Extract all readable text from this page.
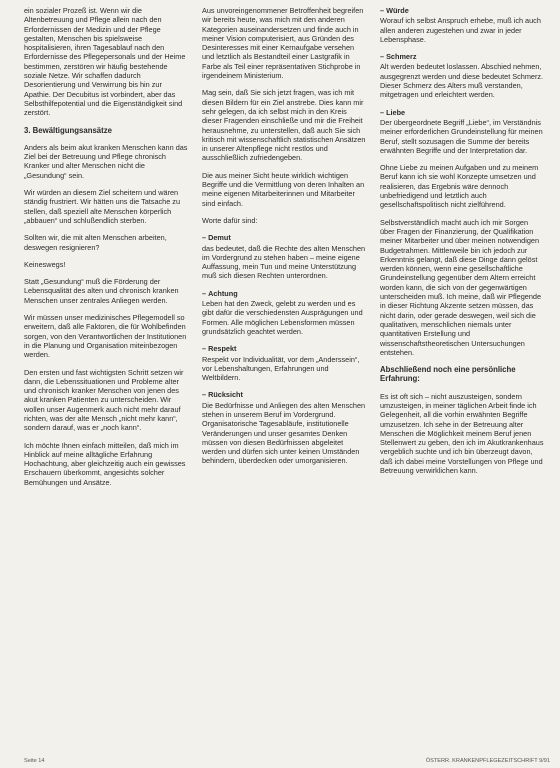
ein sozialer Prozeß ist. Wenn wir die Altenbetreuung und Pflege allein nach den Erfordernissen der Medizin und der Pflege gestalten, Menschen bis spielsweise hospitalisieren, ihren Tagesablauf nach den Erfordernisse des Pflegepersonals und der Heime bestimmen, zerstören wir häufig bestehende soziale Netze. Wir schaffen dadurch Desorientierung und Verwirrung bis hin zur Apathie. Der Decubitus ist vorbindert, aber das Selbsthilfepotential und die Eigenständigkeit sind zerstört.

3. Bewältigungsansätze

Anders als beim akut kranken Menschen kann das Ziel bei der Betreuung und Pflege chronisch Kranker und alter Menschen nicht die „Gesundung“ sein.

Wir würden an diesem Ziel scheitern und wären ständig frustriert. Wir hätten uns die Tatsache zu stellen, daß speziell alte Menschen körperlich „abbauen“ und schlußendlich sterben.

Sollten wir, die mit alten Menschen arbeiten, deswegen resignieren?

Keineswegs!

Statt „Gesundung“ muß die Förderung der Lebensqualität des alten und chronisch kranken Menschen unser zentrales Anliegen werden.

Wir müssen unser medizinisches Pflegemodell so erweitern, daß alle Faktoren, die für Wohlbefinden sorgen, von den Verantwortlichen der Institutionen in die Planung und Organisation miteinbezogen werden.

Den ersten und fast wichtigsten Schritt setzen wir dann, die Lebenssituationen und Probleme alter und chronisch kranker Menschen von jenen des akut kranken Patienten zu unterscheiden. Wir wollen unser Augenmerk auch nicht mehr darauf richten, was der alte Mensch „nicht mehr kann“, sondern darauf, was er „noch kann“.

Ich möchte Ihnen einfach mitteilen, daß mich im Hinblick auf meine alltägliche Erfahrung Hochachtung, aber gleichzeitig auch ein gewisses Erschauern überkommt, angesichts solcher Bemühungen und Ansätze.

Aus unvoreingenommener Betroffenheit begreifen wir bereits heute, was mich mit den anderen Kategorien auseinandersetzen und finde auch in meiner Vision computerisiert, aus Gründen des Desinteresses mit einer Kernaufgabe versehen und letztlich als Bestandteil einer Lastgrafik in Farbe als Teil einer repräsentativen Stichprobe in irgendeinem Ministerium.

Mag sein, daß Sie sich jetzt fragen, was ich mit diesen Bildern für ein Ziel anstrebe. Dies kann mir sehr gelegen, da ich selbst mich in den Kreis dieser Fragenden einschließe und mir die Freiheit herausnehme, zu unterstellen, daß auch Sie sich kritisch mit wissenschaftlich statistischen Ansätzen in unserer Altenpflege nicht restlos und ausschließlich zufriedengeben.

Die aus meiner Sicht heute wirklich wichtigen Begriffe und die Vermittlung von deren Inhalten an meine eigenen Mitarbeiterinnen und Mitarbeiter sind einfach.

Worte dafür sind:

– Demut

das bedeutet, daß die Rechte des alten Menschen im Vordergrund zu stehen haben – meine eigene Auffassung, mein Tun und meine Unterstützung muß sich diesen Rechten unterordnen.

– Achtung

Leben hat den Zweck, gelebt zu werden und es gibt dafür die verschiedensten Ausprägungen und Formen. Alle möglichen Lebensformen müssen grundsätzlich geachtet werden.

– Respekt

Respekt vor Individualität, vor dem „Anderssein“, vor Lebenshaltungen, Erfahrungen und Weltbildern.

– Rücksicht

Die Bedürfnisse und Anliegen des alten Menschen stehen in unserem Beruf im Vordergrund. Organisatorische Tagesabläufe, institutionelle Veränderungen und unser gesamtes Denken müssen von diesen Bedürfnissen abgeleitet werden und dürfen sich unter keinen Umständen behindern, überdecken oder umorganisieren.

– Würde

Worauf ich selbst Anspruch erhebe, muß ich auch allen anderen zugestehen und zwar in jeder Lebensphase.

– Schmerz

Alt werden bedeutet loslassen. Abschied nehmen, ausgegrenzt werden und diese bedeutet Schmerz. Dieser Schmerz des Alters muß verstanden, mitgetragen und erleichtert werden.

– Liebe

Der übergeordnete Begriff „Liebe“, im Verständnis meiner erforderlichen Grundeinstellung für meinen Beruf, stellt sozusagen die Summe der bereits erwähnten Begriffe und der Interpretation dar.

Ohne Liebe zu meinen Aufgaben und zu meinem Beruf kann ich sie wohl Konzepte umsetzen und realisieren, das Ergebnis wäre dennoch unbefriedigend und letztlich auch gesellschaftspolitisch nicht zielführend.

Selbstverständlich macht auch ich mir Sorgen über Fragen der Finanzierung, der Qualifikation meiner Mitarbeiter und über meinen notwendigen Budgetrahmen. Mittlerweile bin ich jedoch zur Erkenntnis gelangt, daß diese Dinge dann gelöst werden können, wenn eine gesellschaftliche Grundeinstellung gegenüber dem Altern erreicht worden kann, die sich von der gegenwärtigen unterscheiden muß. Ich meine, daß wir Pflegende in dieser Richtung Akzente setzen müssen, das nicht darin, oder gerade deswegen, weil sich die qualitativen, menschlichen niemals unter quantitativen Erstellung und wissenschaftstheoretischen Untersuchungen entstehen.

Abschließend noch eine persönliche Erfahrung:

Es ist oft sich – nicht auszusteigen, sondern umzusteigen, in meiner täglichen Arbeit finde ich Gelegenheit, all die vorhin erwähnten Begriffe umzusetzen. Ich sehe in der Betreuung alter Menschen die Möglichkeit meinem Beruf jenen Stellenwert zu geben, den ich im Akutkrankenhaus vergeblich suchte und ich bin überzeugt davon, daß ich dabei meine Vorstellungen von Pflege und Betreuung verwirklichen kann.

Seite 14	ÖSTERR. KRANKENPFLEGEZEITSCHRIFT 9/91
